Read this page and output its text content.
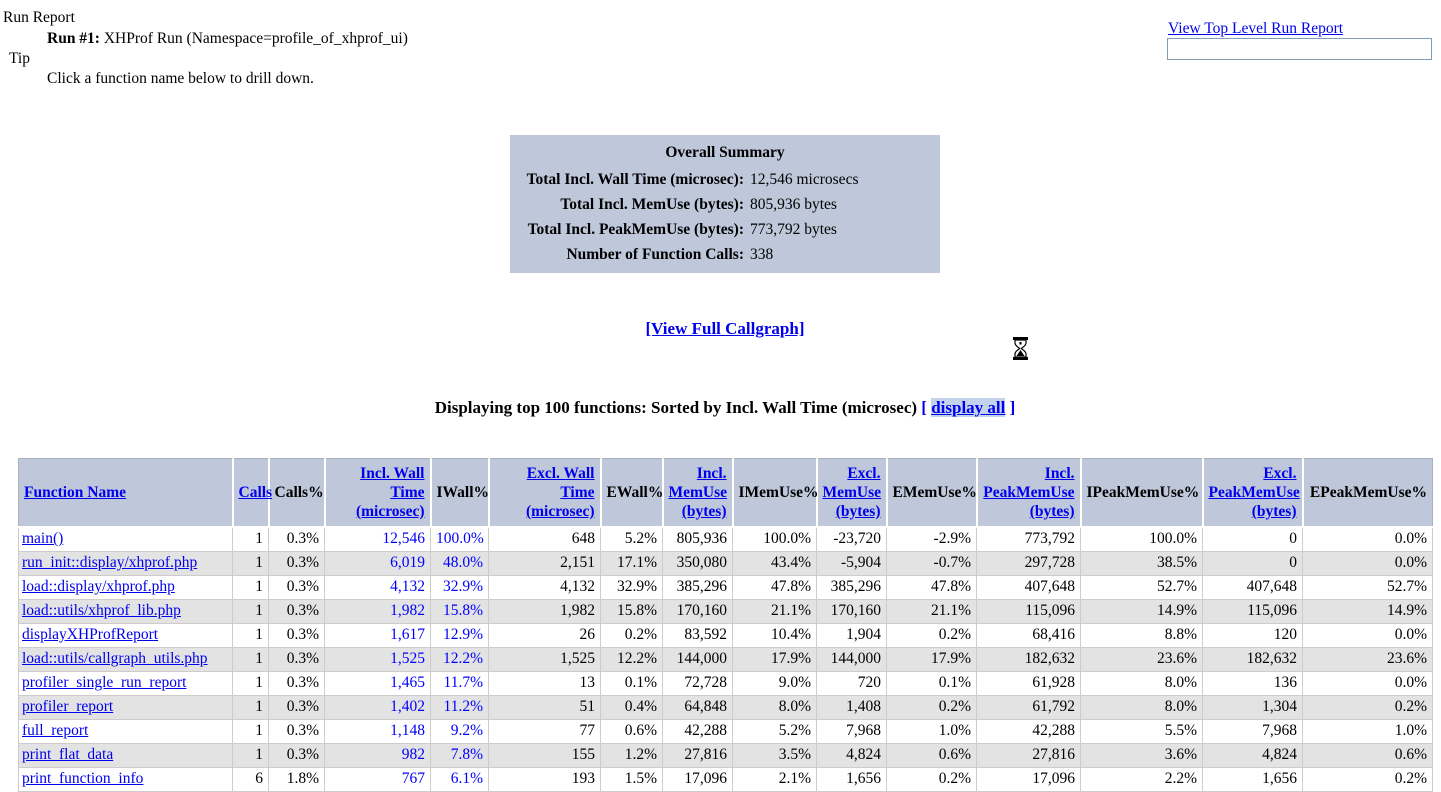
Run Report
Run #1: XHProf Run (Namespace=profile_of_xhprof_ui)
Tip
Click a function name below to drill down.
View Top Level Run Report
Overall Summary
Total Incl. Wall Time (microsec): 12,546 microsecs
Total Incl. MemUse (bytes): 805,936 bytes
Total Incl. PeakMemUse (bytes): 773,792 bytes
Number of Function Calls: 338
[View Full Callgraph]
Displaying top 100 functions: Sorted by Incl. Wall Time (microsec) [ display all ]
Function Name	Calls	Calls%	Incl. Wall Time (microsec)	IWall%	Excl. Wall Time (microsec)	EWall%	Incl. MemUse (bytes)	IMemUse%	Excl. MemUse (bytes)	EMemUse%	Incl. PeakMemUse (bytes)	IPeakMemUse%	Excl. PeakMemUse (bytes)	EPeakMemUse%
main()	1	0.3%	12,546	100.0%	648	5.2%	805,936	100.0%	-23,720	-2.9%	773,792	100.0%	0	0.0%
run_init::display/xhprof.php	1	0.3%	6,019	48.0%	2,151	17.1%	350,080	43.4%	-5,904	-0.7%	297,728	38.5%	0	0.0%
load::display/xhprof.php	1	0.3%	4,132	32.9%	4,132	32.9%	385,296	47.8%	385,296	47.8%	407,648	52.7%	407,648	52.7%
load::utils/xhprof_lib.php	1	0.3%	1,982	15.8%	1,982	15.8%	170,160	21.1%	170,160	21.1%	115,096	14.9%	115,096	14.9%
displayXHProfReport	1	0.3%	1,617	12.9%	26	0.2%	83,592	10.4%	1,904	0.2%	68,416	8.8%	120	0.0%
load::utils/callgraph_utils.php	1	0.3%	1,525	12.2%	1,525	12.2%	144,000	17.9%	144,000	17.9%	182,632	23.6%	182,632	23.6%
profiler_single_run_report	1	0.3%	1,465	11.7%	13	0.1%	72,728	9.0%	720	0.1%	61,928	8.0%	136	0.0%
profiler_report	1	0.3%	1,402	11.2%	51	0.4%	64,848	8.0%	1,408	0.2%	61,792	8.0%	1,304	0.2%
full_report	1	0.3%	1,148	9.2%	77	0.6%	42,288	5.2%	7,968	1.0%	42,288	5.5%	7,968	1.0%
print_flat_data	1	0.3%	982	7.8%	155	1.2%	27,816	3.5%	4,824	0.6%	27,816	3.6%	4,824	0.6%
print_function_info	6	1.8%	767	6.1%	193	1.5%	17,096	2.1%	1,656	0.2%	17,096	2.2%	1,656	0.2%
